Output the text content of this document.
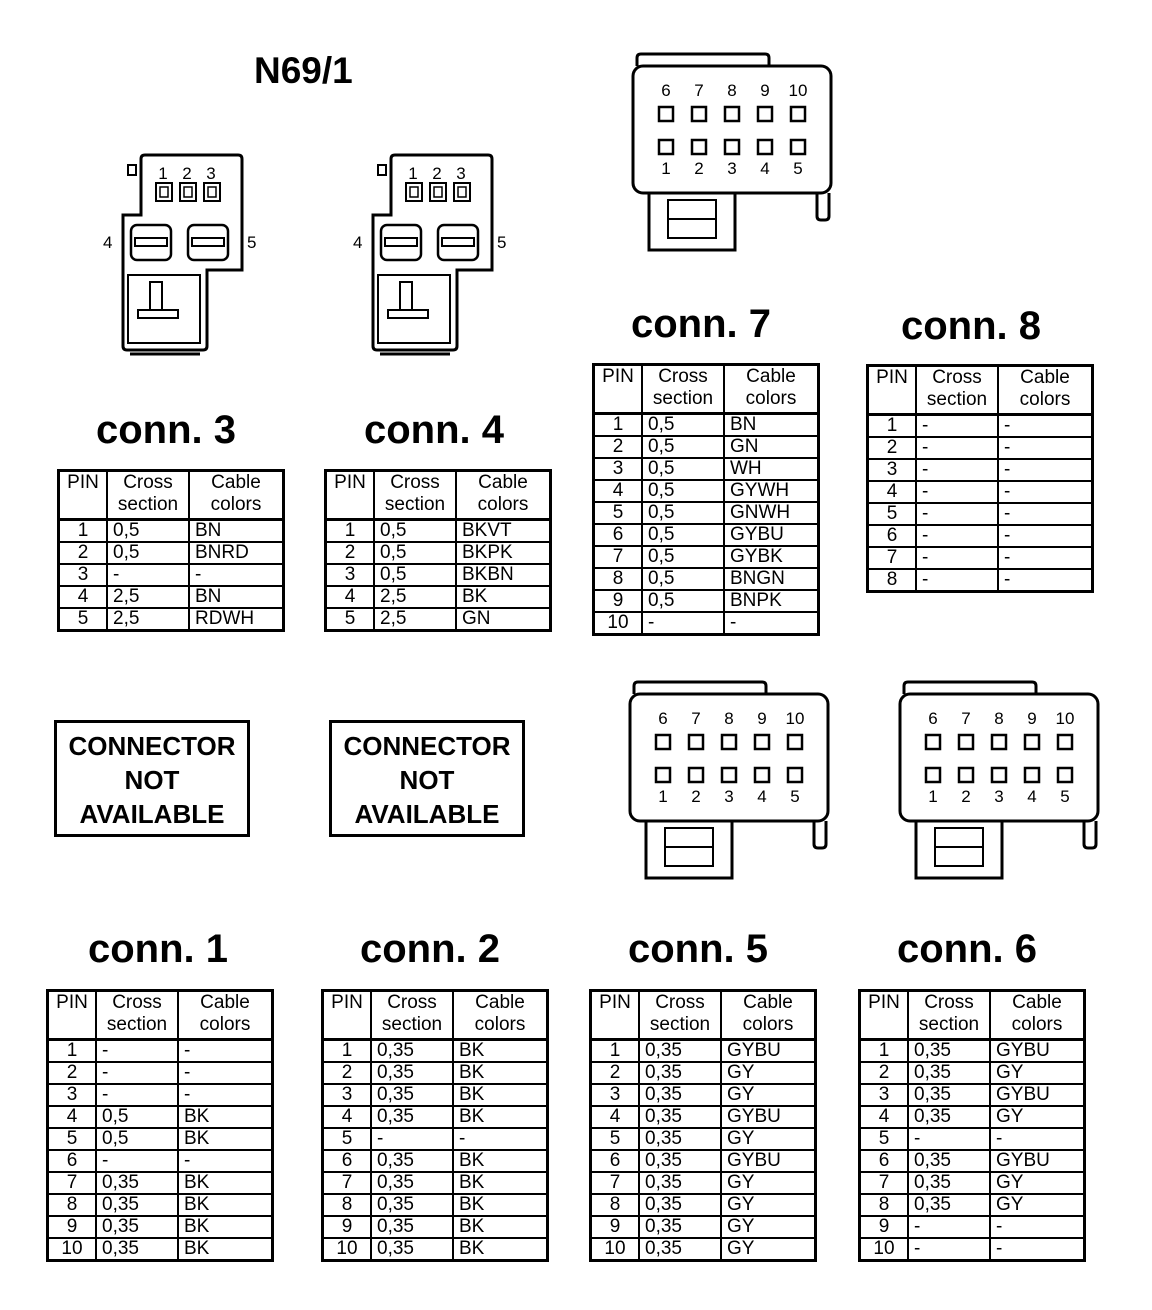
N69/1
1 2 3
4	5
1 2 3
4	5
6
1
7
2
8
3
9
4
10
5
6
1
7
2
8
3
9
4
10
5
6
1
7
2
8
3
9
4
10
5
conn. 3	conn. 4
conn. 7	conn. 8
conn. 1	conn. 2	conn. 5	conn. 6
PIN	Cross section	Cable colors
1	0,5	BN
2	0,5	BNRD
3	-	-
4	2,5	BN
5	2,5	RDWH
PIN	Cross section	Cable colors
1	0,5	BKVT
2	0,5	BKPK
3	0,5	BKBN
4	2,5	BK
5	2,5	GN
PIN	Cross section	Cable colors
1	0,5	BN
2	0,5	GN
3	0,5	WH
4	0,5	GYWH
5	0,5	GNWH
6	0,5	GYBU
7	0,5	GYBK
8	0,5	BNGN
9	0,5	BNPK
10	-	-
PIN	Cross section	Cable colors
1	-	-
2	-	-
3	-	-
4	-	-
5	-	-
6	-	-
7	-	-
8	-	-
PIN	Cross section	Cable colors
1	-	-
2	-	-
3	-	-
4	0,5	BK
5	0,5	BK
6	-	-
7	0,35	BK
8	0,35	BK
9	0,35	BK
10	0,35	BK
PIN	Cross section	Cable colors
1	0,35	BK
2	0,35	BK
3	0,35	BK
4	0,35	BK
5	-	-
6	0,35	BK
7	0,35	BK
8	0,35	BK
9	0,35	BK
10	0,35	BK
PIN	Cross section	Cable colors
1	0,35	GYBU
2	0,35	GY
3	0,35	GY
4	0,35	GYBU
5	0,35	GY
6	0,35	GYBU
7	0,35	GY
8	0,35	GY
9	0,35	GY
10	0,35	GY
PIN	Cross section	Cable colors
1	0,35	GYBU
2	0,35	GY
3	0,35	GYBU
4	0,35	GY
5	-	-
6	0,35	GYBU
7	0,35	GY
8	0,35	GY
9	-	-
10	-	-
CONNECTOR NOT AVAILABLE
CONNECTOR NOT AVAILABLE
